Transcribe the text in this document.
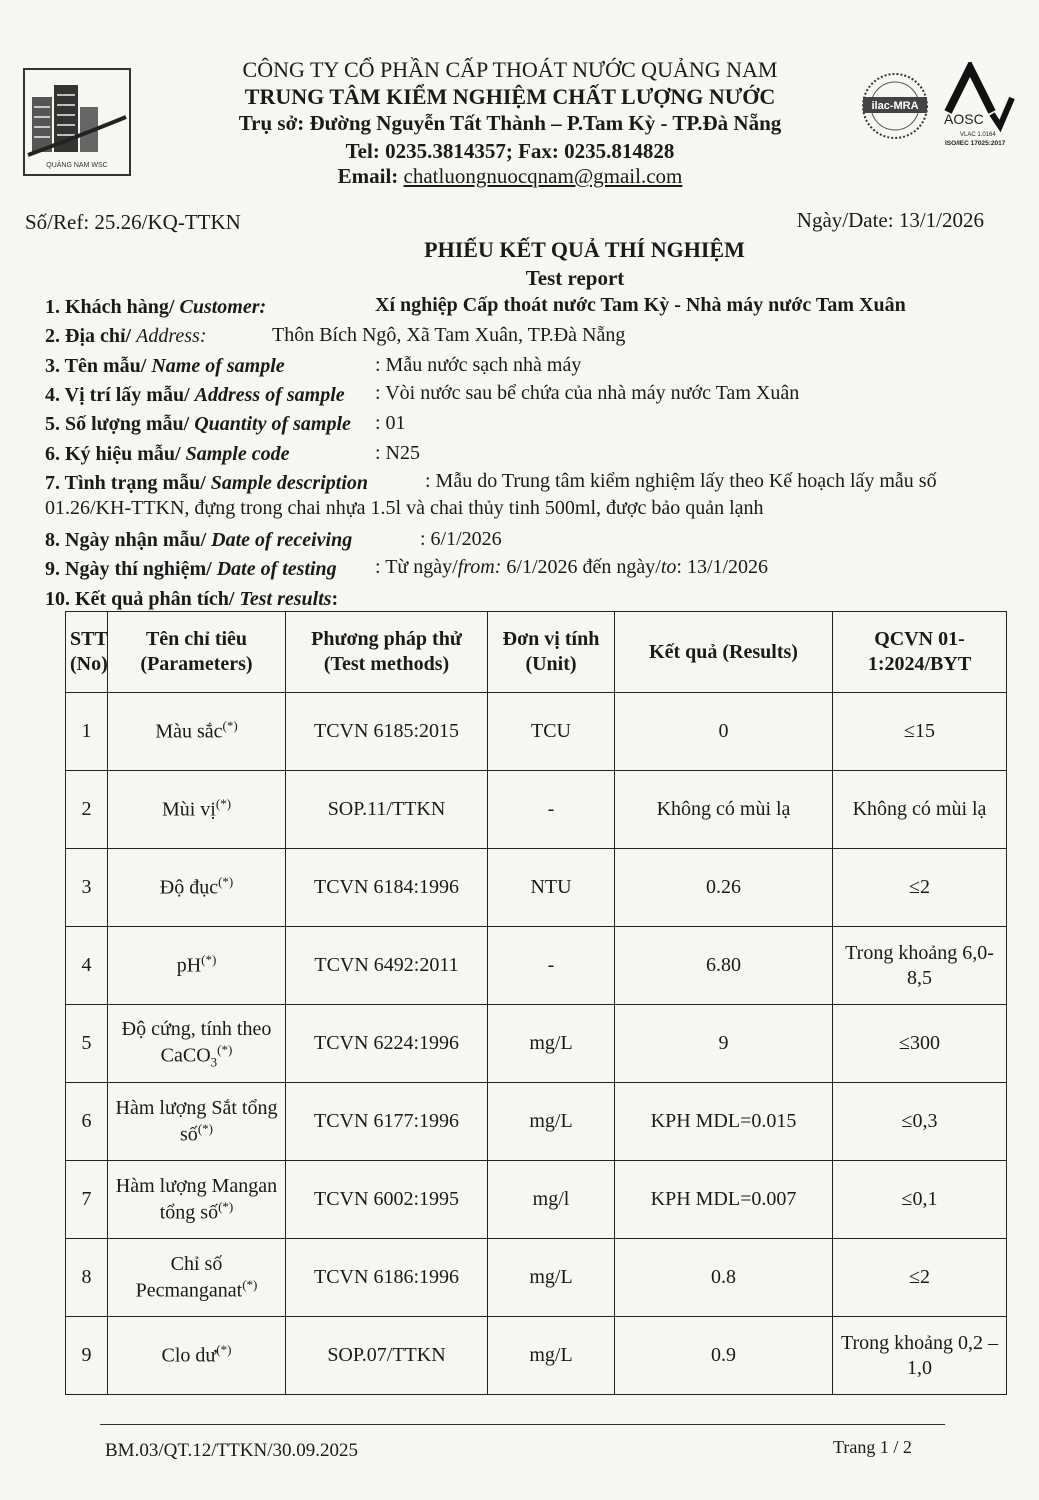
QUẢNG NAM WSC
ilac-MRA
AOSC
VLAC 1.0164
ISO/IEC 17025:2017
CÔNG TY CỔ PHẦN CẤP THOÁT NƯỚC QUẢNG NAM
TRUNG TÂM KIỂM NGHIỆM CHẤT LƯỢNG NƯỚC
Trụ sở: Đường Nguyễn Tất Thành – P.Tam Kỳ - TP.Đà Nẵng
Tel: 0235.3814357; Fax: 0235.814828
Email: chatluongnuocqnam@gmail.com
Số/Ref: 25.26/KQ-TTKN	Ngày/Date: 13/1/2026
PHIẾU KẾT QUẢ THÍ NGHIỆM
Test report
1. Khách hàng/ Customer:	Xí nghiệp Cấp thoát nước Tam Kỳ - Nhà máy nước Tam Xuân
2. Địa chỉ/ Address:	Thôn Bích Ngô, Xã Tam Xuân, TP.Đà Nẵng
3. Tên mẫu/ Name of sample	: Mẫu nước sạch nhà máy
4. Vị trí lấy mẫu/ Address of sample : Vòi nước sau bể chứa của nhà máy nước Tam Xuân
5. Số lượng mẫu/ Quantity of sample : 01
6. Ký hiệu mẫu/ Sample code	: N25
7. Tình trạng mẫu/ Sample description	: Mẫu do Trung tâm kiểm nghiệm lấy theo Kế hoạch lấy mẫu số
01.26/KH-TTKN, đựng trong chai nhựa 1.5l và chai thủy tinh 500ml, được bảo quản lạnh
8. Ngày nhận mẫu/ Date of receiving	: 6/1/2026
9. Ngày thí nghiệm/ Date of testing : Từ ngày/from: 6/1/2026 đến ngày/to: 13/1/2026
10. Kết quả phân tích/ Test results:
STT (No)	Tên chỉ tiêu (Parameters)	Phương pháp thử (Test methods)	Đơn vị tính (Unit)	Kết quả (Results)	QCVN 01-1:2024/BYT
1	Màu sắc(*)	TCVN 6185:2015	TCU	0	≤15
2	Mùi vị(*)	SOP.11/TTKN	-	Không có mùi lạ	Không có mùi lạ
3	Độ đục(*)	TCVN 6184:1996	NTU	0.26	≤2
4	pH(*)	TCVN 6492:2011	-	6.80	Trong khoảng 6,0-8,5
5	Độ cứng, tính theo CaCO$_3$(*)	TCVN 6224:1996	mg/L	9	≤300
6	Hàm lượng Sắt tổng số(*)	TCVN 6177:1996	mg/L	KPH MDL=0.015	≤0,3
7	Hàm lượng Mangan tổng số(*)	TCVN 6002:1995	mg/l	KPH MDL=0.007	≤0,1
8	Chỉ số Pecmanganat(*)	TCVN 6186:1996	mg/L	0.8	≤2
9	Clo dư(*)	SOP.07/TTKN	mg/L	0.9	Trong khoảng 0,2 – 1,0
BM.03/QT.12/TTKN/30.09.2025	Trang 1 / 2
